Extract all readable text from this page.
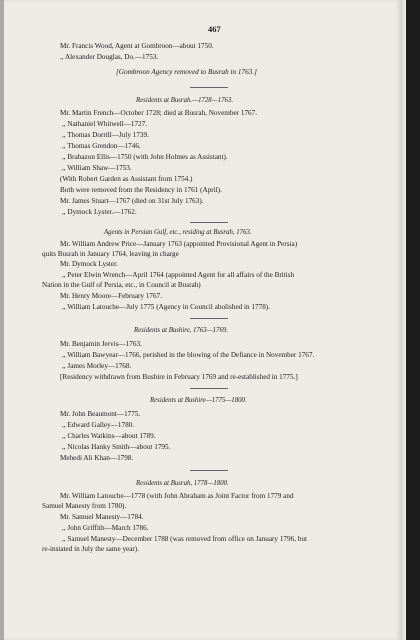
467
Mr. Francis Wood, Agent at Gombroon—about 1750.
,, Alexander Douglas, Do.—1753.
[Gombroon Agency removed to Busrah in 1763.]
Residents at Busrah.—1728—1763.
Mr. Martin French—October 1728; died at Busrah, November 1767.
,, Nathaniel Whitwell—1727.
,, Thomas Dorrill—July 1739.
,, Thomas Grendon—1746.
,, Brabazon Ellis—1750 (with John Holmes as Assistant).
,, William Shaw—1753.
(With Robert Garden as Assistant from 1754.)
Both were removed from the Residency in 1761 (April).
Mr. James Stuart—1767 (died on 31st July 1763).
,, Dymock Lyster.—1762.
Agents in Persian Gulf, etc., residing at Busrah, 1763.
Mr. William Andrew Price—January 1763 (appointed Provisional Agent in Persia)
quits Busrah in January 1764, leaving in charge
Mr. Dymock Lyster.
,, Peter Elwin Wrench—April 1764 (appointed Agent for all affairs of the British
Nation in the Gulf of Persia, etc., in Council at Busrah)
Mr. Henry Moore—February 1767.
,, William Latouche—July 1775 (Agency in Council abolished in 1778).
Residents at Bushire, 1763—1769.
Mr. Benjamin Jervis—1763.
,, William Bawyear—1766, perished in the blowing of the Defiance in November 1767.
,, James Morley—1768.
[Residency withdrawn from Bushire in February 1769 and re-established in 1775.]
Residents at Bushire—1775—1800.
Mr. John Beaumont—1775.
,, Edward Galley—1780.
,, Charles Watkins—about 1789.
,, Nicolas Hanky Smith—about 1795.
Mehedi Ali Khan—1798.
Residents at Busrah, 1778—1800.
Mr. William Latouche—1778 (with John Abraham as Joint Factor from 1779 and
Samuel Manesty from 1780).
Mr. Samuel Manesty—1784.
,, John Griffith—March 1786.
,, Samuel Manesty—December 1788 (was removed from office on January 1796, but
re-instated in July the same year).
